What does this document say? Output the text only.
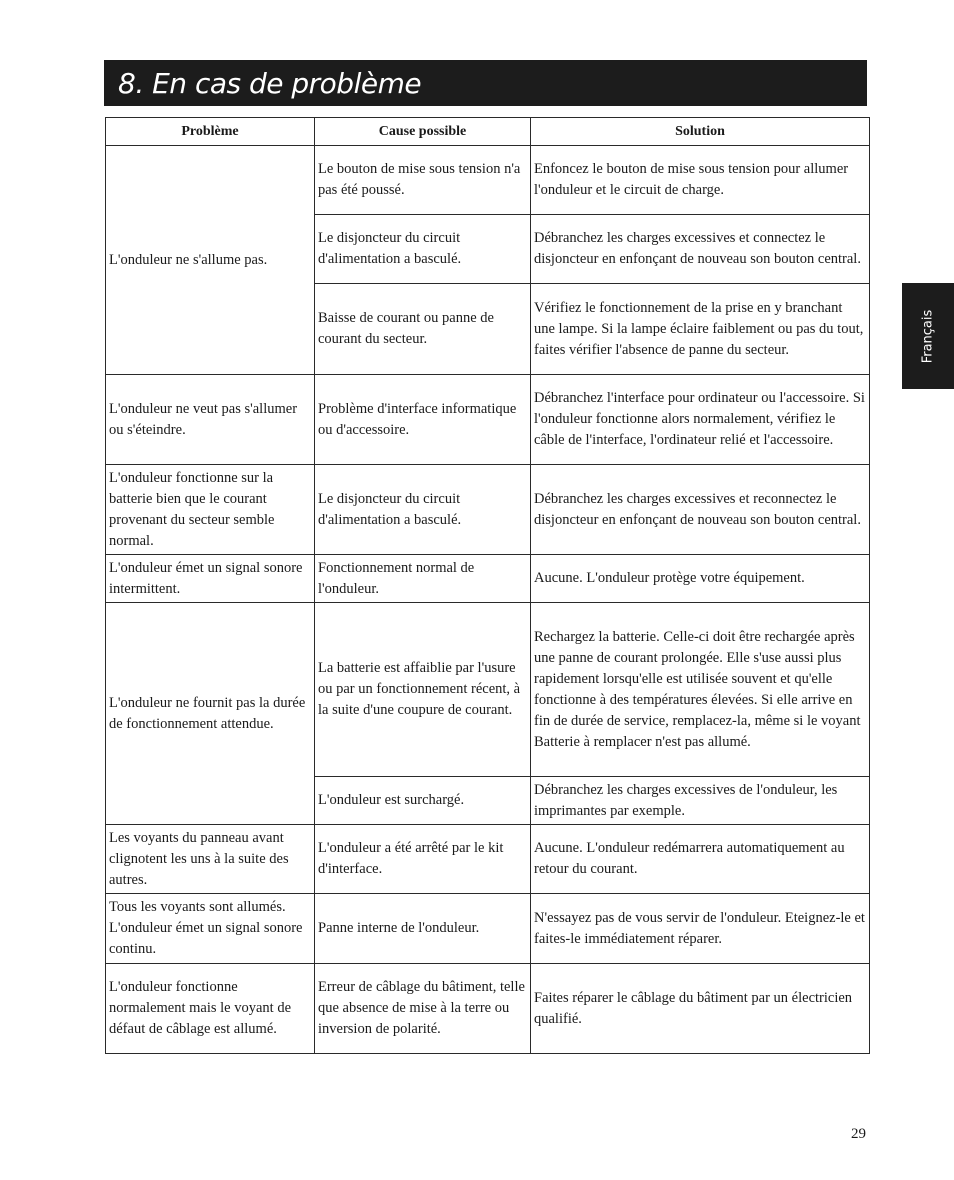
8. En cas de problème
Français
Problème	Cause possible	Solution
L'onduleur ne s'allume pas.	Le bouton de mise sous tension n'a pas été poussé.	Enfoncez le bouton de mise sous tension pour allumer l'onduleur et le circuit de charge.
	Le disjoncteur du circuit d'alimentation a basculé.	Débranchez les charges excessives et connectez le disjoncteur en enfonçant de nouveau son bouton central.
	Baisse de courant ou panne de courant du secteur.	Vérifiez le fonctionnement de la prise en y branchant une lampe. Si la lampe éclaire faiblement ou pas du tout, faites vérifier l'absence de panne du secteur.
L'onduleur ne veut pas s'allumer ou s'éteindre.	Problème d'interface informatique ou d'accessoire.	Débranchez l'interface pour ordinateur ou l'accessoire. Si l'onduleur fonctionne alors normalement, vérifiez le câble de l'interface, l'ordinateur relié et l'accessoire.
L'onduleur fonctionne sur la batterie bien que le courant provenant du secteur semble normal.	Le disjoncteur du circuit d'alimentation a basculé.	Débranchez les charges excessives et reconnectez le disjoncteur en enfonçant de nouveau son bouton central.
L'onduleur émet un signal sonore intermittent.	Fonctionnement normal de l'onduleur.	Aucune. L'onduleur protège votre équipement.
L'onduleur ne fournit pas la durée de fonctionnement attendue.	La batterie est affaiblie par l'usure ou par un fonctionnement récent, à la suite d'une coupure de courant.	Rechargez la batterie. Celle-ci doit être rechargée après une panne de courant prolongée. Elle s'use aussi plus rapidement lorsqu'elle est utilisée souvent et qu'elle fonctionne à des températures élevées. Si elle arrive en fin de durée de service, remplacez-la, même si le voyant Batterie à remplacer n'est pas allumé.
	L'onduleur est surchargé.	Débranchez les charges excessives de l'onduleur, les imprimantes par exemple.
Les voyants du panneau avant clignotent les uns à la suite des autres.	L'onduleur a été arrêté par le kit d'interface.	Aucune. L'onduleur redémarrera automatiquement au retour du courant.
Tous les voyants sont allumés. L'onduleur émet un signal sonore continu.	Panne interne de l'onduleur.	N'essayez pas de vous servir de l'onduleur. Eteignez-le et faites-le immédiatement réparer.
L'onduleur fonctionne normalement mais le voyant de défaut de câblage est allumé.	Erreur de câblage du bâtiment, telle que absence de mise à la terre ou inversion de polarité.	Faites réparer le câblage du bâtiment par un électricien qualifié.
29
